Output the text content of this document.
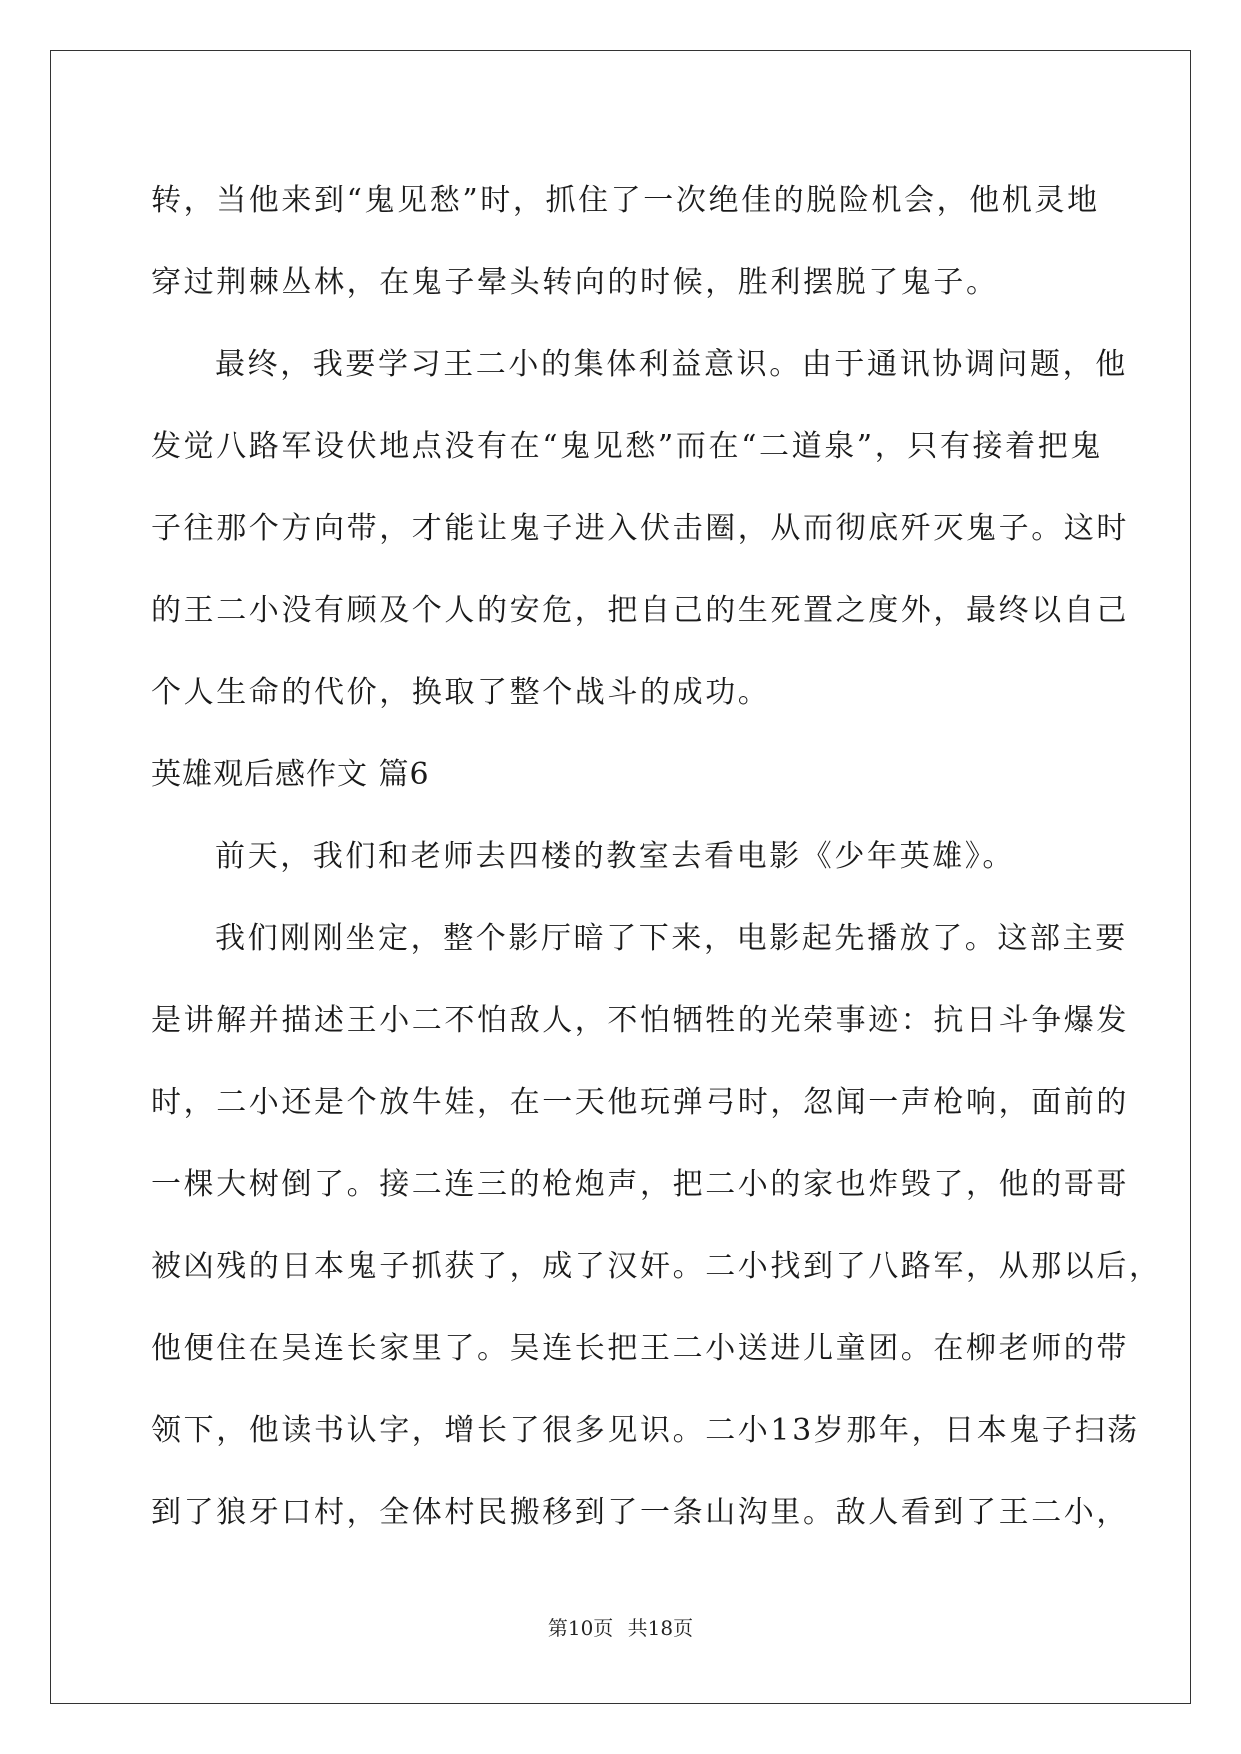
转，当他来到“鬼见愁”时，抓住了一次绝佳的脱险机会，他机灵地
穿过荆棘丛林，在鬼子晕头转向的时候，胜利摆脱了鬼子。
最终，我要学习王二小的集体利益意识。由于通讯协调问题，他
发觉八路军设伏地点没有在“鬼见愁”而在“二道泉”，只有接着把鬼
子往那个方向带，才能让鬼子进入伏击圈，从而彻底歼灭鬼子。这时
的王二小没有顾及个人的安危，把自己的生死置之度外，最终以自己
个人生命的代价，换取了整个战斗的成功。
英雄观后感作文 篇6
前天，我们和老师去四楼的教室去看电影《少年英雄》。
我们刚刚坐定，整个影厅暗了下来，电影起先播放了。这部主要
是讲解并描述王小二不怕敌人，不怕牺牲的光荣事迹：抗日斗争爆发
时，二小还是个放牛娃，在一天他玩弹弓时，忽闻一声枪响，面前的
一棵大树倒了。接二连三的枪炮声，把二小的家也炸毁了，他的哥哥
被凶残的日本鬼子抓获了，成了汉奸。二小找到了八路军，从那以后，
他便住在吴连长家里了。吴连长把王二小送进儿童团。在柳老师的带
领下，他读书认字，增长了很多见识。二小13岁那年，日本鬼子扫荡
到了狼牙口村，全体村民搬移到了一条山沟里。敌人看到了王二小，
第10页 共18页
